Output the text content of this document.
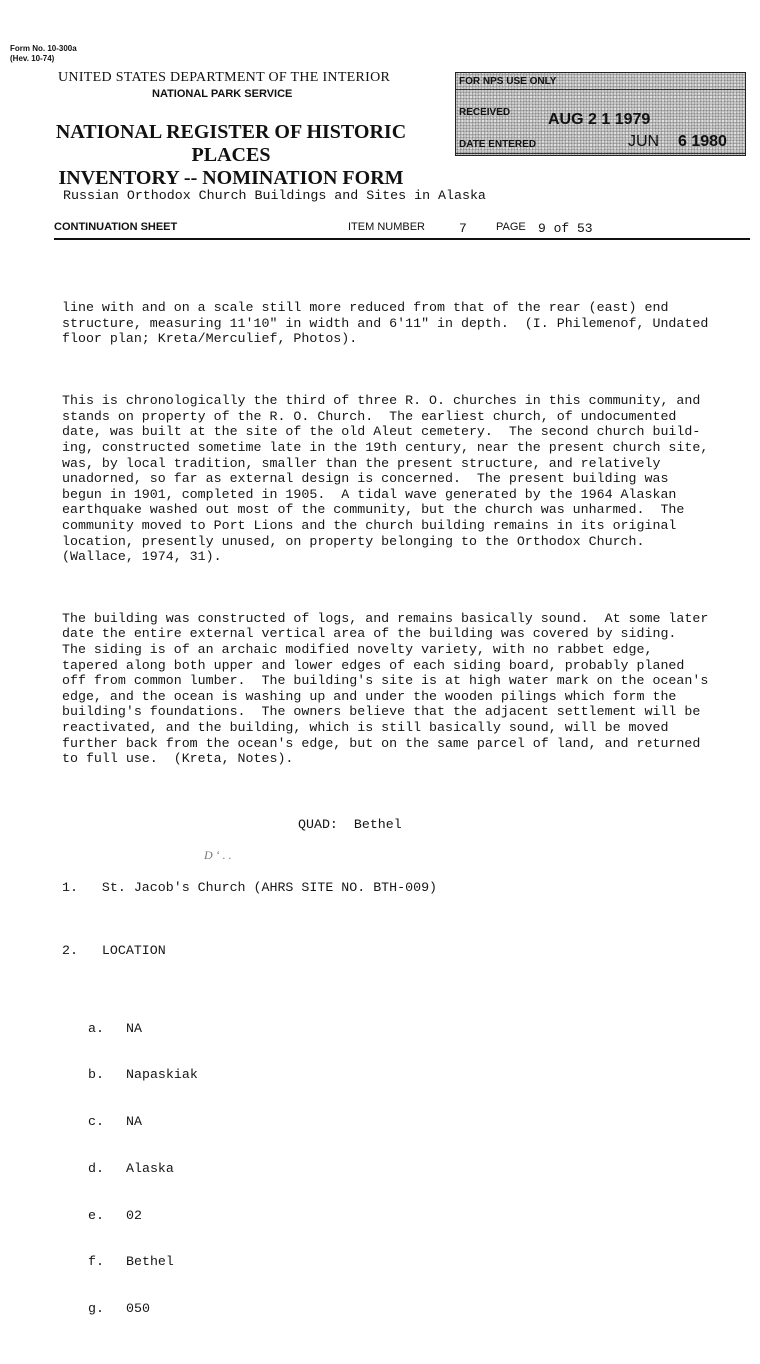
Form No. 10-300a
(Hev. 10-74)
UNITED STATES DEPARTMENT OF THE INTERIOR
NATIONAL PARK SERVICE
NATIONAL REGISTER OF HISTORIC PLACES
INVENTORY -- NOMINATION FORM
FOR NPS USE ONLY
RECEIVED AUG 2 1 1979
DATE ENTERED	JUN 6 1980
Russian Orthodox Church Buildings and Sites in Alaska
CONTINUATION SHEET	ITEM NUMBER	7	PAGE 9 of 53

line with and on a scale still more reduced from that of the rear (east) end
structure, measuring 11'10" in width and 6'11" in depth.  (I. Philemenof, Undated
floor plan; Kreta/Merculief, Photos).

This is chronologically the third of three R. O. churches in this community, and
stands on property of the R. O. Church.  The earliest church, of undocumented
date, was built at the site of the old Aleut cemetery.  The second church build-
ing, constructed sometime late in the 19th century, near the present church site,
was, by local tradition, smaller than the present structure, and relatively
unadorned, so far as external design is concerned.  The present building was
begun in 1901, completed in 1905.  A tidal wave generated by the 1964 Alaskan
earthquake washed out most of the community, but the church was unharmed.  The
community moved to Port Lions and the church building remains in its original
location, presently unused, on property belonging to the Orthodox Church.
(Wallace, 1974, 31).

The building was constructed of logs, and remains basically sound.  At some later
date the entire external vertical area of the building was covered by siding.
The siding is of an archaic modified novelty variety, with no rabbet edge,
tapered along both upper and lower edges of each siding board, probably planed
off from common lumber.  The building's site is at high water mark on the ocean's
edge, and the ocean is washing up and under the wooden pilings which form the
building's foundations.  The owners believe that the adjacent settlement will be
reactivated, and the building, which is still basically sound, will be moved
further back from the ocean's edge, but on the same parcel of land, and returned
to full use.  (Kreta, Notes).

QUAD:  Bethel

1.   St. Jacob's Church (AHRS SITE NO. BTH-009)

2.   LOCATION

a. NA

b. Napaskiak

c. NA

d. Alaska

e. 02

f. Bethel

g. 050

D ʻ . .
